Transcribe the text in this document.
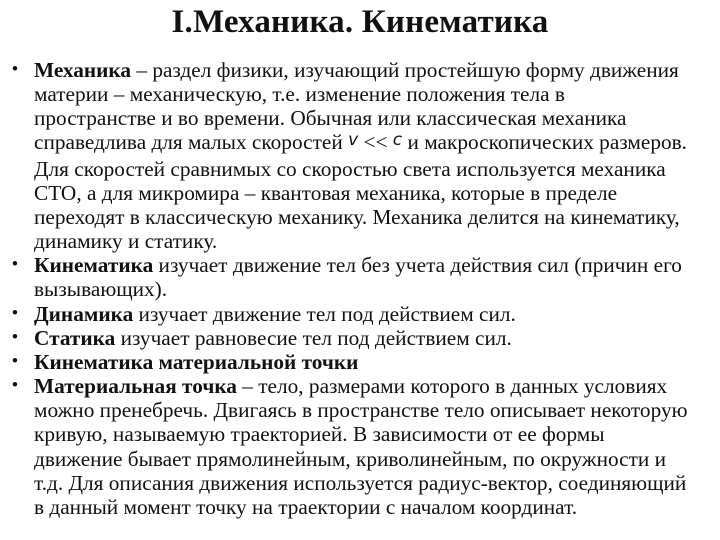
I.Механика. Кинематика
• Механика – раздел физики, изучающий простейшую форму движения материи – механическую, т.е. изменение положения тела в пространстве и во времени. Обычная или классическая механика справедлива для малых скоростей v << c и макроскопических размеров. Для скоростей сравнимых со скоростью света используется механика СТО, а для микромира – квантовая механика, которые в пределе переходят в классическую механику. Механика делится на кинематику, динамику и статику.
• Кинематика изучает движение тел без учета действия сил (причин его вызывающих).
• Динамика изучает движение тел под действием сил.
• Статика изучает равновесие тел под действием сил.
• Кинематика материальной точки
• Материальная точка – тело, размерами которого в данных условиях можно пренебречь. Двигаясь в пространстве тело описывает некоторую кривую, называемую траекторией. В зависимости от ее формы движение бывает прямолинейным, криволинейным, по окружности и т.д. Для описания движения используется радиус-вектор, соединяющий в данный момент точку на траектории с началом координат.
